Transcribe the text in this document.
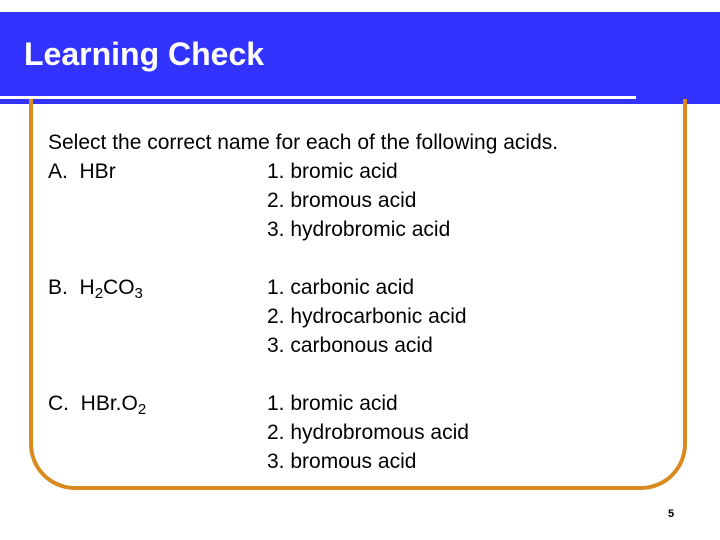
Learning Check
Select the correct name for each of the following acids.
A. HBr	1. bromic acid
2. bromous acid
3. hydrobromic acid
B. $H_2CO_3$	1. carbonic acid
2. hydrocarbonic acid
3. carbonous acid
C. $HBr.O_2$	1. bromic acid
2. hydrobromous acid
3. bromous acid
5
